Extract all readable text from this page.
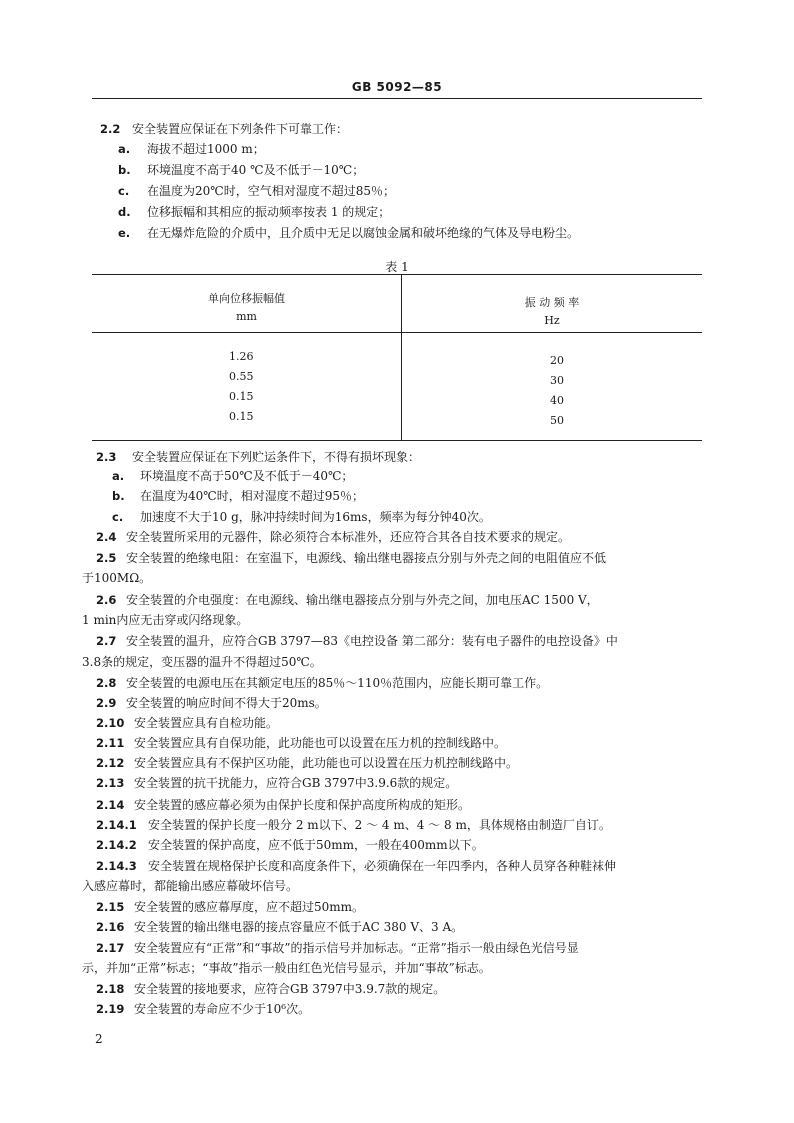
GB 5092—85
2.2 安全装置应保证在下列条件下可靠工作：
a. 海拔不超过1000 m；
b. 环境温度不高于40 ℃及不低于－10℃；
c. 在温度为20℃时，空气相对湿度不超过85％；
d. 位移振幅和其相应的振动频率按表 1 的规定；
e. 在无爆炸危险的介质中，且介质中无足以腐蚀金属和破坏绝缘的气体及导电粉尘。
表 1
单向位移振幅值
mm
振 动 频 率
Hz
1.26
0.55
0.15
0.15
20
30
40
50
2.3 安全装置应保证在下列贮运条件下，不得有损坏现象：
a. 环境温度不高于50℃及不低于－40℃；
b. 在温度为40℃时，相对湿度不超过95％；
c. 加速度不大于10 g，脉冲持续时间为16ms，频率为每分钟40次。
2.4 安全装置所采用的元器件，除必须符合本标准外，还应符合其各自技术要求的规定。
2.5 安全装置的绝缘电阻：在室温下，电源线、输出继电器接点分别与外壳之间的电阻值应不低
于100MΩ。
2.6 安全装置的介电强度：在电源线、输出继电器接点分别与外壳之间，加电压AC 1500 V，
1 min内应无击穿或闪络现象。
2.7 安全装置的温升，应符合GB 3797—83《电控设备 第二部分：装有电子器件的电控设备》中
3.8条的规定，变压器的温升不得超过50℃。
2.8 安全装置的电源电压在其额定电压的85％～110％范围内，应能长期可靠工作。
2.9 安全装置的响应时间不得大于20ms。
2.10 安全装置应具有自检功能。
2.11 安全装置应具有自保功能，此功能也可以设置在压力机的控制线路中。
2.12 安全装置应具有不保护区功能，此功能也可以设置在压力机控制线路中。
2.13 安全装置的抗干扰能力，应符合GB 3797中3.9.6款的规定。
2.14 安全装置的感应幕必须为由保护长度和保护高度所构成的矩形。
2.14.1 安全装置的保护长度一般分 2 m以下、2 ～ 4 m、4 ～ 8 m，具体规格由制造厂自订。
2.14.2 安全装置的保护高度，应不低于50mm，一般在400mm以下。
2.14.3 安全装置在规格保护长度和高度条件下，必须确保在一年四季内，各种人员穿各种鞋袜伸
入感应幕时，都能输出感应幕破坏信号。
2.15 安全装置的感应幕厚度，应不超过50mm。
2.16 安全装置的输出继电器的接点容量应不低于AC 380 V、3 A。
2.17 安全装置应有“正常”和“事故”的指示信号并加标志。“正常”指示一般由绿色光信号显
示，并加“正常”标志；“事故”指示一般由红色光信号显示，并加“事故”标志。
2.18 安全装置的接地要求，应符合GB 3797中3.9.7款的规定。
2.19 安全装置的寿命应不少于10⁶次。
2
